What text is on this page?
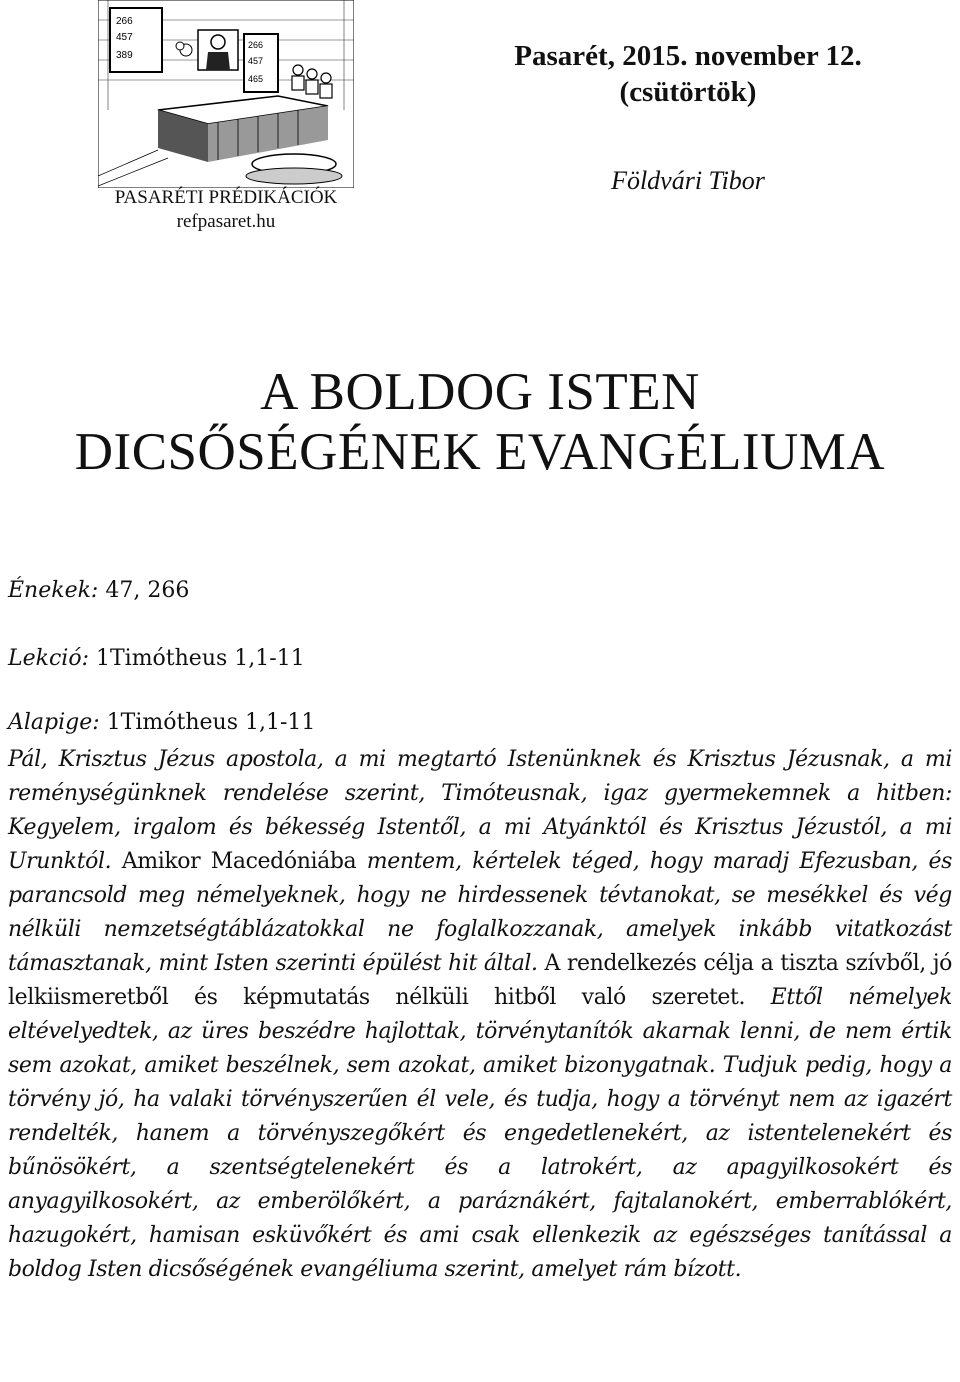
266
457
389
266
457
465
PASARÉTI PRÉDIKÁCIÓK
refpasaret.hu
Pasarét, 2015. november 12.
(csütörtök)
Földvári Tibor
A BOLDOG ISTEN
DICSŐSÉGÉNEK EVANGÉLIUMA
Énekek: 47, 266
Lekció: 1Timótheus 1,1-11
Alapige: 1Timótheus 1,1-11
Pál, Krisztus Jézus apostola, a mi megtartó Istenünknek és Krisztus Jézusnak, a mi reménységünknek rendelése szerint, Timóteusnak, igaz gyermekemnek a hitben: Kegyelem, irgalom és békesség Istentől, a mi Atyánktól és Krisztus Jézustól, a mi Urunktól. Amikor Macedóniába mentem, kértelek téged, hogy maradj Efezusban, és parancsold meg némelyeknek, hogy ne hirdessenek tévtanokat, se mesékkel és vég nélküli nemzetségtáblázatokkal ne foglalkozzanak, amelyek inkább vitatkozást támasztanak, mint Isten szerinti épülést hit által. A rendelkezés célja a tiszta szívből, jó lelkiismeretből és képmutatás nélküli hitből való szeretet. Ettől némelyek eltévelyedtek, az üres beszédre hajlottak, törvénytanítók akarnak lenni, de nem értik sem azokat, amiket beszélnek, sem azokat, amiket bizonygatnak. Tudjuk pedig, hogy a törvény jó, ha valaki törvényszerűen él vele, és tudja, hogy a törvényt nem az igazért rendelték, hanem a törvényszegőkért és engedetlenekért, az istentelenekért és bűnösökért, a szentségtelenekért és a latrokért, az apagyilkosokért és anyagyilkosokért, az emberölőkért, a paráznákért, fajtalanokért, emberrablókért, hazugokért, hamisan esküvőkért és ami csak ellenkezik az egészséges tanítással a boldog Isten dicsőségének evangéliuma szerint, amelyet rám bízott.
